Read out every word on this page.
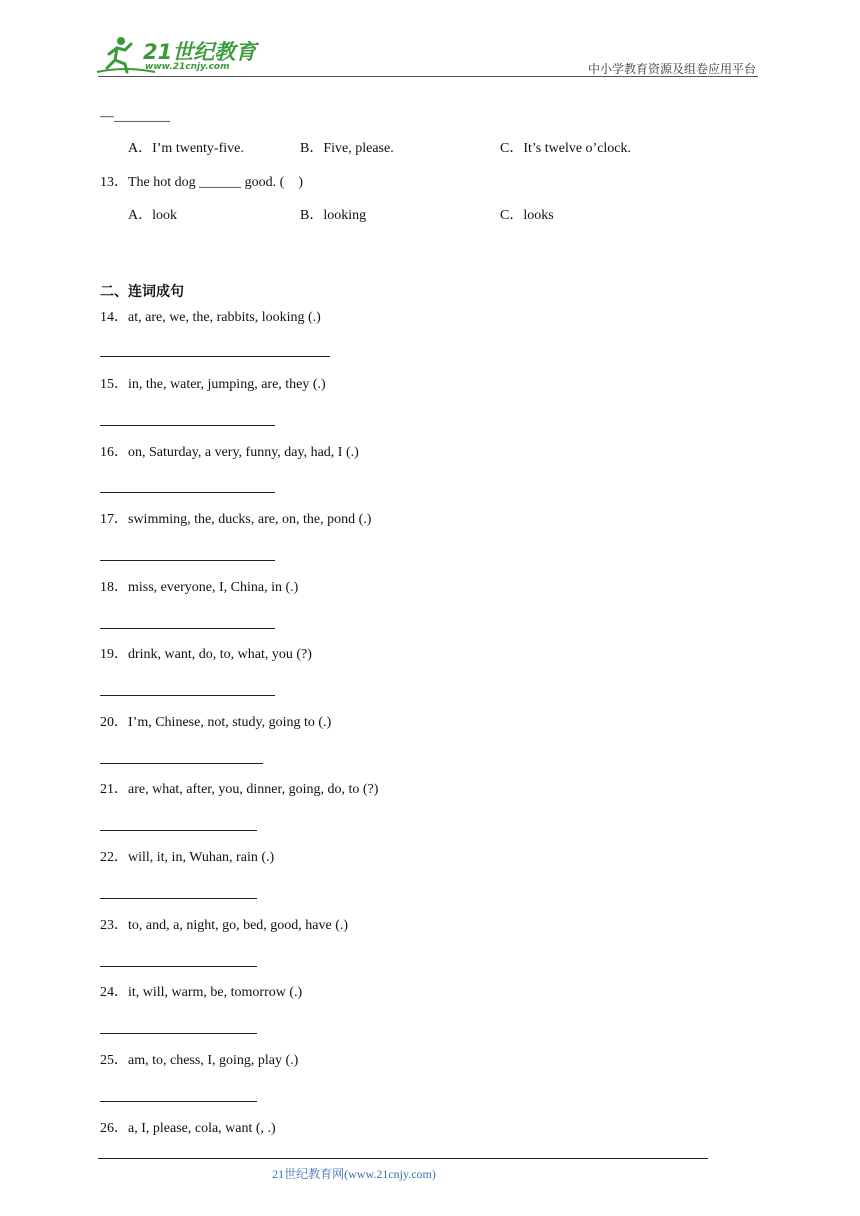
21世纪教育
www.21cnjy.com	中小学教育资源及组卷应用平台
—________
A．I’m twenty-five.	B．Five, please.	C．It’s twelve o’clock.
13．The hot dog ______ good. (　)
A．look	B．looking	C．looks
二、连词成句
14．at, are, we, the, rabbits, looking (.)
15．in, the, water, jumping, are, they (.)
16．on, Saturday, a very, funny, day, had, I (.)
17．swimming, the, ducks, are, on, the, pond (.)
18．miss, everyone, I, China, in (.)
19．drink, want, do, to, what, you (?)
20．I’m, Chinese, not, study, going to (.)
21．are, what, after, you, dinner, going, do, to (?)
22．will, it, in, Wuhan, rain (.)
23．to, and, a, night, go, bed, good, have (.)
24．it, will, warm, be, tomorrow (.)
25．am, to, chess, I, going, play (.)
26．a, I, please, cola, want (, .)
21世纪教育网(www.21cnjy.com)
